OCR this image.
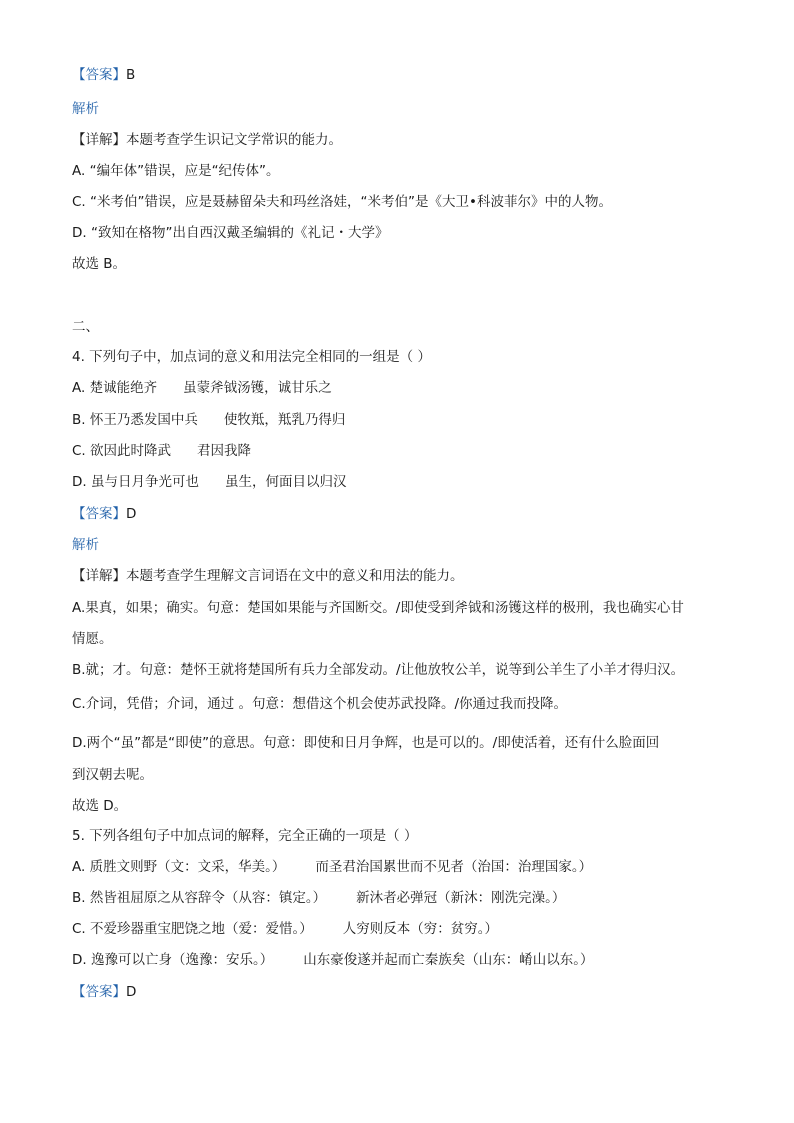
【答案】B
解析
【详解】本题考查学生识记文学常识的能力。
A. “编年体”错误，应是“纪传体”。
C. “米考伯”错误，应是聂赫留朵夫和玛丝洛娃，“米考伯”是《大卫•科波菲尔》中的人物。
D. “致知在格物”出自西汉戴圣编辑的《礼记・大学》
故选 B。
二、
4. 下列句子中，加点词的意义和用法完全相同的一组是（ ）
A. 楚诚能绝齐 虽蒙斧钺汤镬，诚甘乐之
B. 怀王乃悉发国中兵 使牧羝，羝乳乃得归
C. 欲因此时降武 君因我降
D. 虽与日月争光可也 虽生，何面目以归汉
【答案】D
解析
【详解】本题考查学生理解文言词语在文中的意义和用法的能力。
A.果真，如果；确实。句意：楚国如果能与齐国断交。/即使受到斧钺和汤镬这样的极刑，我也确实心甘
情愿。
B.就；才。句意：楚怀王就将楚国所有兵力全部发动。/让他放牧公羊，说等到公羊生了小羊才得归汉。
C.介词，凭借；介词，通过 。句意：想借这个机会使苏武投降。/你通过我而投降。
D.两个“虽”都是“即使”的意思。句意：即使和日月争辉，也是可以的。/即使活着，还有什么脸面回
到汉朝去呢。
故选 D。
5. 下列各组句子中加点词的解释，完全正确的一项是（ ）
A. 质胜文则野（文：文采，华美。） 而圣君治国累世而不见者（治国：治理国家。）
B. 然皆祖屈原之从容辞令（从容：镇定。） 新沐者必弹冠（新沐：刚洗完澡。）
C. 不爱珍器重宝肥饶之地（爱：爱惜。） 人穷则反本（穷：贫穷。）
D. 逸豫可以亡身（逸豫：安乐。） 山东豪俊遂并起而亡秦族矣（山东：崤山以东。）
【答案】D
